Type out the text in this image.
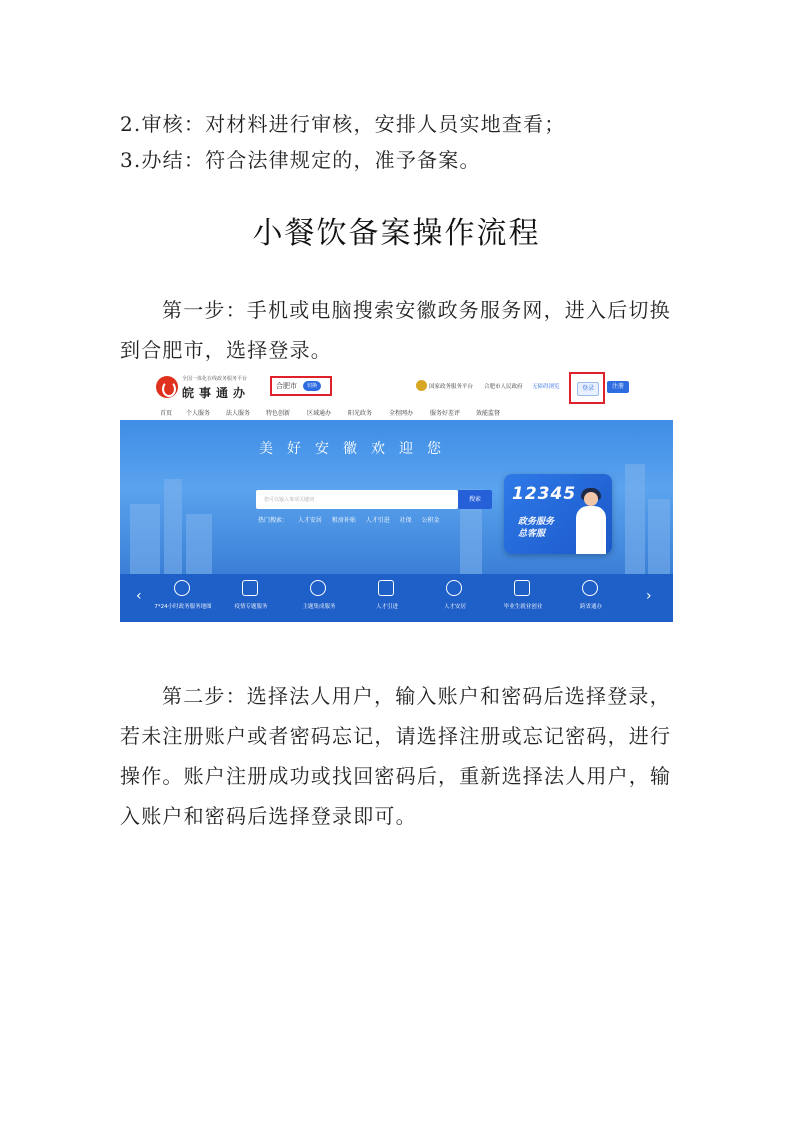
2.审核：对材料进行审核，安排人员实地查看；

3.办结：符合法律规定的，准予备案。

小餐饮备案操作流程

第一步：手机或电脑搜索安徽政务服务网，进入后切换到合肥市，选择登录。

全国一体化在线政务服务平台
皖事通办	合肥市	切换	国家政务服务平台 合肥市人民政府 无障碍浏览	登录	注册
首页 个人服务	法人服务	特色创新	区域通办	阳光政务	全程网办	服务好差评	效能监督
美好安徽欢迎您
您可以输入事项关键词	搜索
热门搜索： 人才安居 租房补贴 人才引进 社保 公积金
12345
政务服务总客服
‹
7*24小时政务服务地图	疫情专题服务	主题集成服务	人才引进	人才安居	毕业生就业创业	跨省通办
›

第二步：选择法人用户，输入账户和密码后选择登录，若未注册账户或者密码忘记，请选择注册或忘记密码，进行操作。账户注册成功或找回密码后，重新选择法人用户，输入账户和密码后选择登录即可。
